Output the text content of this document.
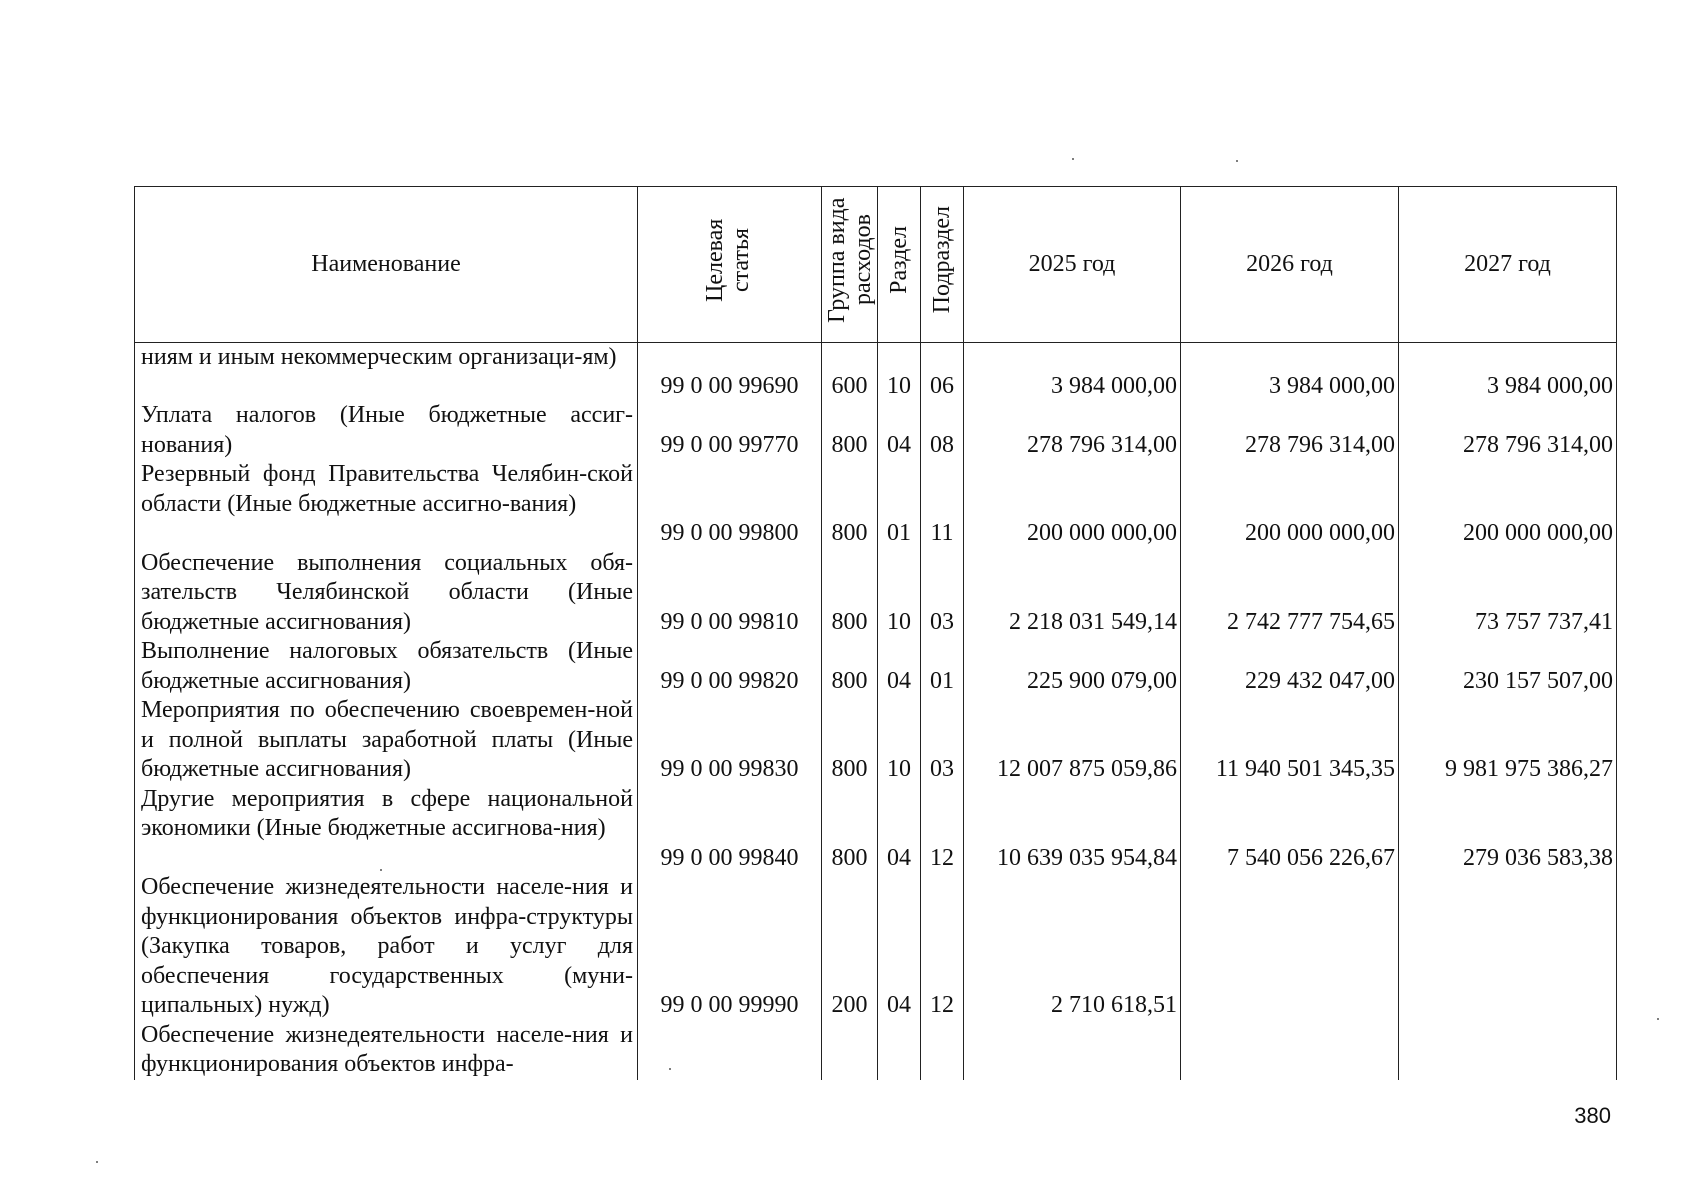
Наименование	Целевая статья	Группа вида расходов	Раздел	Подраздел	2025 год	2026 год	2027 год

ниям и иным некоммерческим организаци-ям)	99 0 00 99690	600	10	06	3 984 000,00	3 984 000,00	3 984 000,00

Уплата налогов (Иные бюджетные ассиг-нования)	99 0 00 99770	800	04	08	278 796 314,00	278 796 314,00	278 796 314,00

Резервный фонд Правительства Челябин-ской области (Иные бюджетные ассигно-вания)	99 0 00 99800	800	01	11	200 000 000,00	200 000 000,00	200 000 000,00

Обеспечение выполнения социальных обя-зательств Челябинской области (Иные бюджетные ассигнования)	99 0 00 99810	800	10	03	2 218 031 549,14	2 742 777 754,65	73 757 737,41

Выполнение налоговых обязательств (Иные бюджетные ассигнования)	99 0 00 99820	800	04	01	225 900 079,00	229 432 047,00	230 157 507,00

Мероприятия по обеспечению своевремен-ной и полной выплаты заработной платы (Иные бюджетные ассигнования)	99 0 00 99830	800	10	03	12 007 875 059,86	11 940 501 345,35	9 981 975 386,27

Другие мероприятия в сфере национальной экономики (Иные бюджетные ассигнова-ния)	99 0 00 99840	800	04	12	10 639 035 954,84	7 540 056 226,67	279 036 583,38

Обеспечение жизнедеятельности населе-ния и функционирования объектов инфра-структуры (Закупка товаров, работ и услуг для обеспечения государственных (муни-ципальных) нужд)	99 0 00 99990	200	04	12	2 710 618,51		

Обеспечение жизнедеятельности населе-ния и функционирования объектов инфра-							

380
